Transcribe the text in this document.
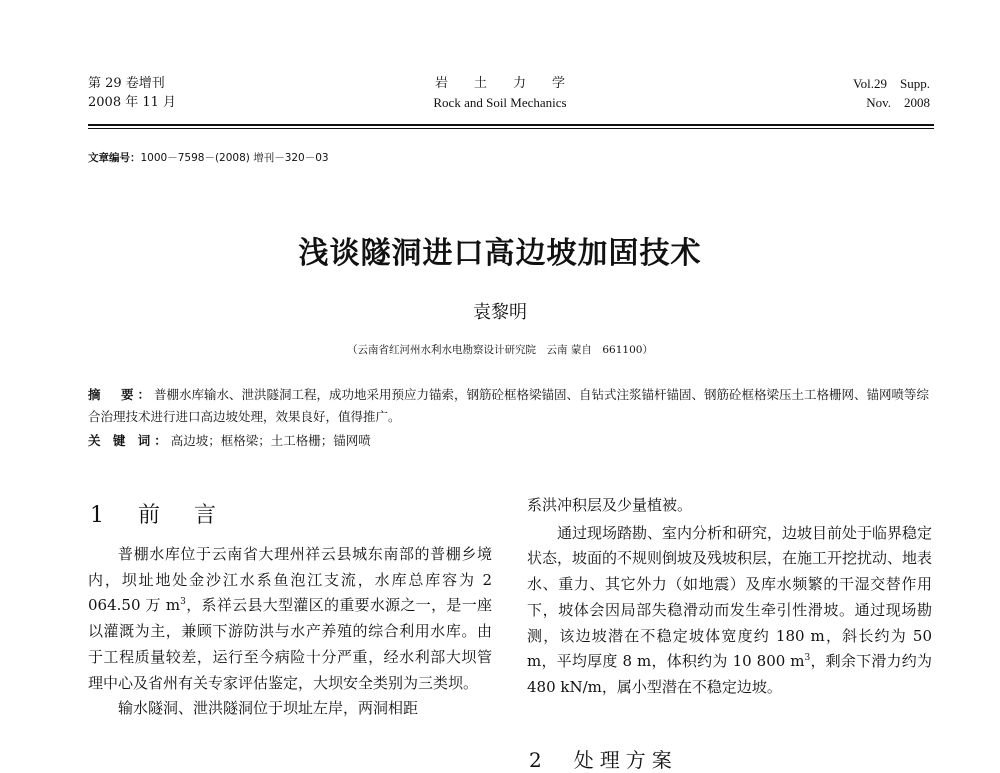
第 29 卷增刊
2008 年 11 月
岩　　土　　力　　学
Rock and Soil Mechanics
Vol.29　Supp.
Nov.　2008
文章编号：1000－7598－(2008) 增刊－320－03
浅谈隧洞进口高边坡加固技术
袁黎明
（云南省红河州水利水电勘察设计研究院　云南 蒙自　661100）
摘　要：普棚水库输水、泄洪隧洞工程，成功地采用预应力锚索，钢筋砼框格梁锚固、自钻式注浆锚杆锚固、钢筋砼框格梁压土工格栅网、锚网喷等综合治理技术进行进口高边坡处理，效果良好，值得推广。
关 键 词：高边坡；框格梁；土工格栅；锚网喷
1　 前　言

普棚水库位于云南省大理州祥云县城东南部的普棚乡境内，坝址地处金沙江水系鱼泡江支流，水库总库容为 2 064.50 万 $m^3$，系祥云县大型灌区的重要水源之一，是一座以灌溉为主，兼顾下游防洪与水产养殖的综合利用水库。由于工程质量较差，运行至今病险十分严重，经水利部大坝管理中心及省州有关专家评估鉴定，大坝安全类别为三类坝。

输水隧洞、泄洪隧洞位于坝址左岸，两洞相距

系洪冲积层及少量植被。

通过现场踏勘、室内分析和研究，边坡目前处于临界稳定状态，坡面的不规则倒坡及残坡积层，在施工开挖扰动、地表水、重力、其它外力（如地震）及库水频繁的干湿交替作用下，坡体会因局部失稳滑动而发生牵引性滑坡。通过现场勘测，该边坡潜在不稳定坡体宽度约 180 m，斜长约为 50 m，平均厚度 8 m，体积约为 10 800 $m^3$，剩余下滑力约为 480 kN/m，属小型潜在不稳定边坡。

2　 处理方案
